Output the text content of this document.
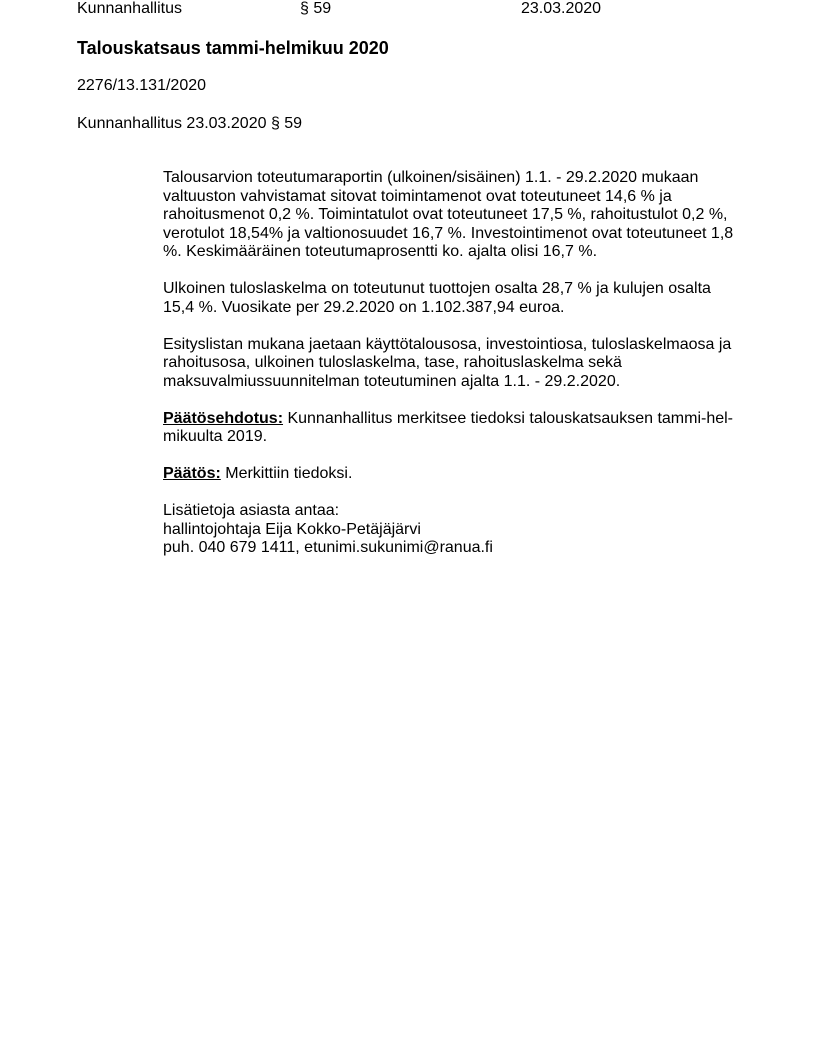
Kunnanhallitus	§ 59	23.03.2020
Talouskatsaus tammi-helmikuu 2020
2276/13.131/2020
Kunnanhallitus 23.03.2020 § 59
Talousarvion toteutumaraportin (ulkoinen/sisäinen) 1.1. - 29.2.2020 mukaan
valtuuston vahvistamat sitovat toimintamenot ovat toteutuneet 14,6 % ja
rahoitusmenot 0,2 %. Toimintatulot ovat toteutuneet 17,5 %, rahoitustulot 0,2 %,
verotulot 18,54% ja valtionosuudet 16,7 %. Investointimenot ovat toteutuneet 1,8
%. Keskimääräinen toteutumaprosentti ko. ajalta olisi 16,7 %.
Ulkoinen tuloslaskelma on toteutunut tuottojen osalta 28,7 % ja kulujen osalta
15,4 %. Vuosikate per 29.2.2020 on 1.102.387,94 euroa.
Esityslistan mukana jaetaan käyttötalousosa, investointiosa, tuloslaskelmaosa ja
rahoitusosa, ulkoinen tuloslaskelma, tase, rahoituslaskelma sekä
maksuvalmiussuunnitelman toteutuminen ajalta 1.1. - 29.2.2020.
Päätösehdotus: Kunnanhallitus merkitsee tiedoksi talouskatsauksen tammi-hel-
mikuulta 2019.
Päätös: Merkittiin tiedoksi.
Lisätietoja asiasta antaa:
hallintojohtaja Eija Kokko-Petäjäjärvi
puh. 040 679 1411, etunimi.sukunimi@ranua.fi
